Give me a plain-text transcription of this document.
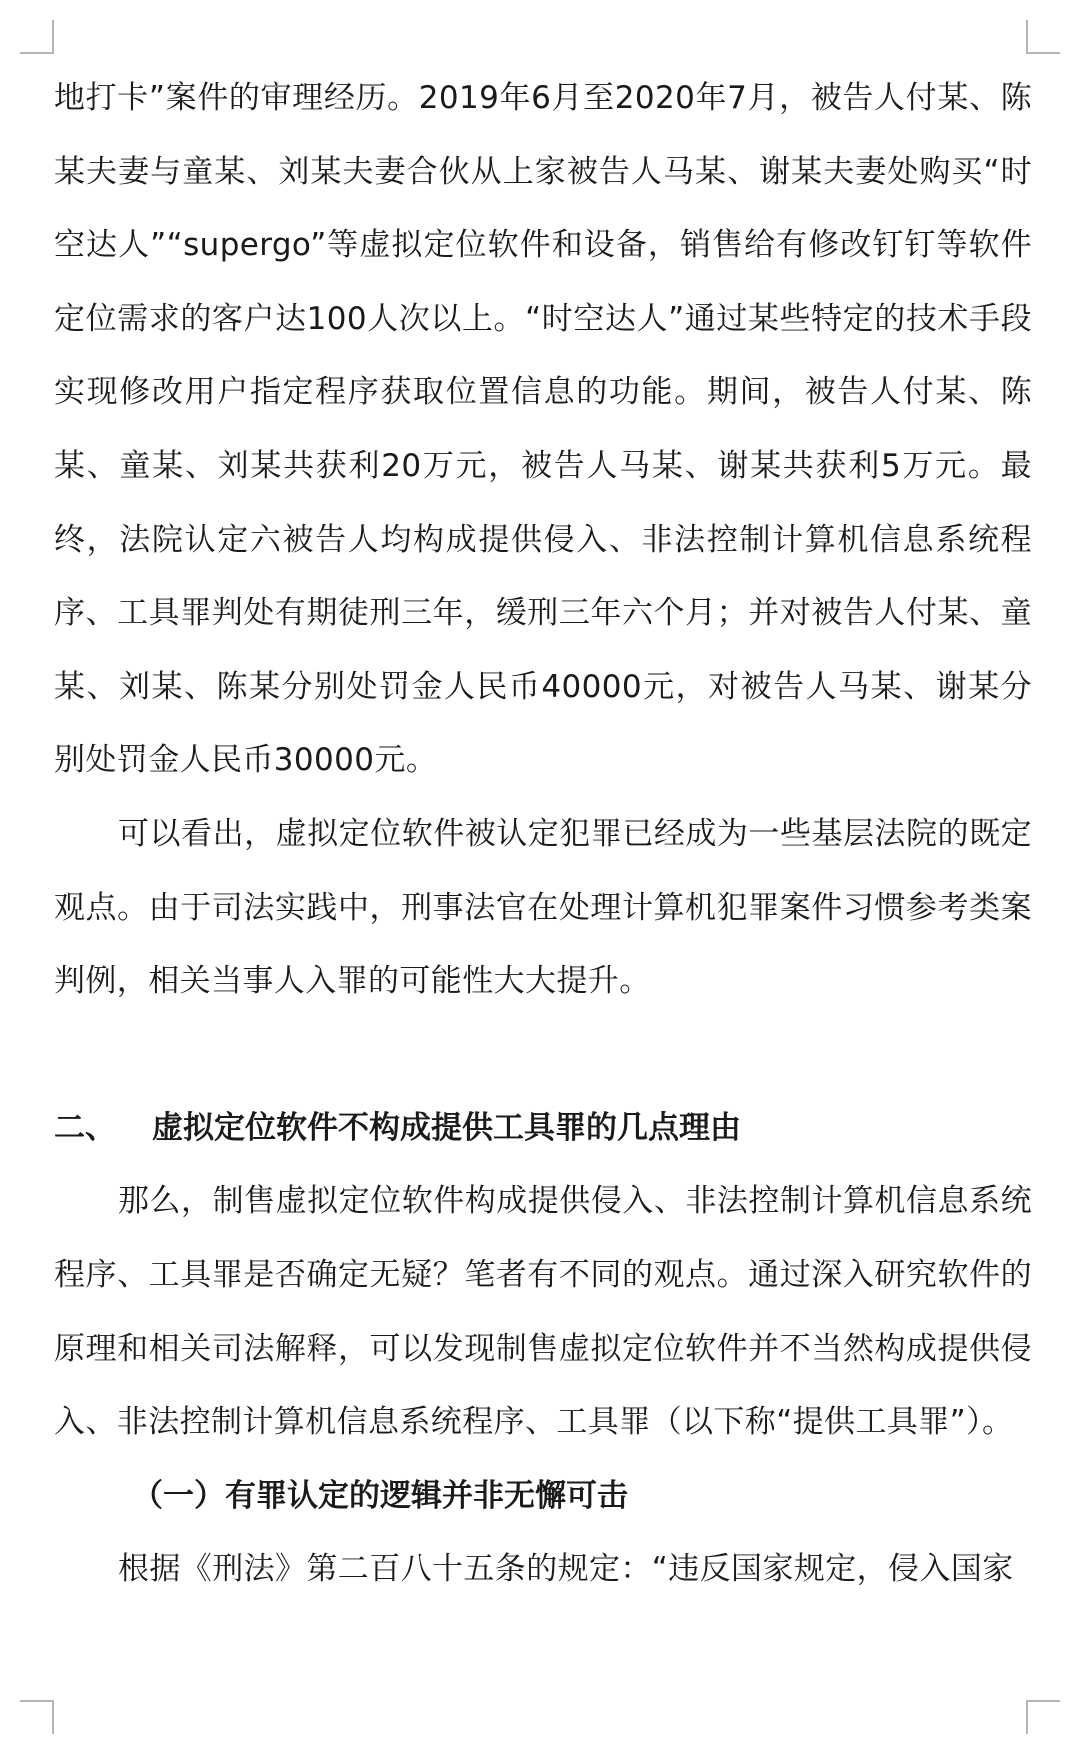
地打卡”案件的审理经历。2019年6月至2020年7月，被告人付某、陈某夫妻与童某、刘某夫妻合伙从上家被告人马某、谢某夫妻处购买“时空达人”“supergo”等虚拟定位软件和设备，销售给有修改钉钉等软件定位需求的客户达100人次以上。“时空达人”通过某些特定的技术手段实现修改用户指定程序获取位置信息的功能。期间，被告人付某、陈某、童某、刘某共获利20万元，被告人马某、谢某共获利5万元。最终，法院认定六被告人均构成提供侵入、非法控制计算机信息系统程序、工具罪判处有期徒刑三年，缓刑三年六个月；并对被告人付某、童某、刘某、陈某分别处罚金人民币40000元，对被告人马某、谢某分别处罚金人民币30000元。

可以看出，虚拟定位软件被认定犯罪已经成为一些基层法院的既定观点。由于司法实践中，刑事法官在处理计算机犯罪案件习惯参考类案判例，相关当事人入罪的可能性大大提升。

二、	虚拟定位软件不构成提供工具罪的几点理由

那么，制售虚拟定位软件构成提供侵入、非法控制计算机信息系统程序、工具罪是否确定无疑？笔者有不同的观点。通过深入研究软件的原理和相关司法解释，可以发现制售虚拟定位软件并不当然构成提供侵入、非法控制计算机信息系统程序、工具罪（以下称“提供工具罪”）。

（一）有罪认定的逻辑并非无懈可击

根据《刑法》第二百八十五条的规定：“违反国家规定，侵入国家
